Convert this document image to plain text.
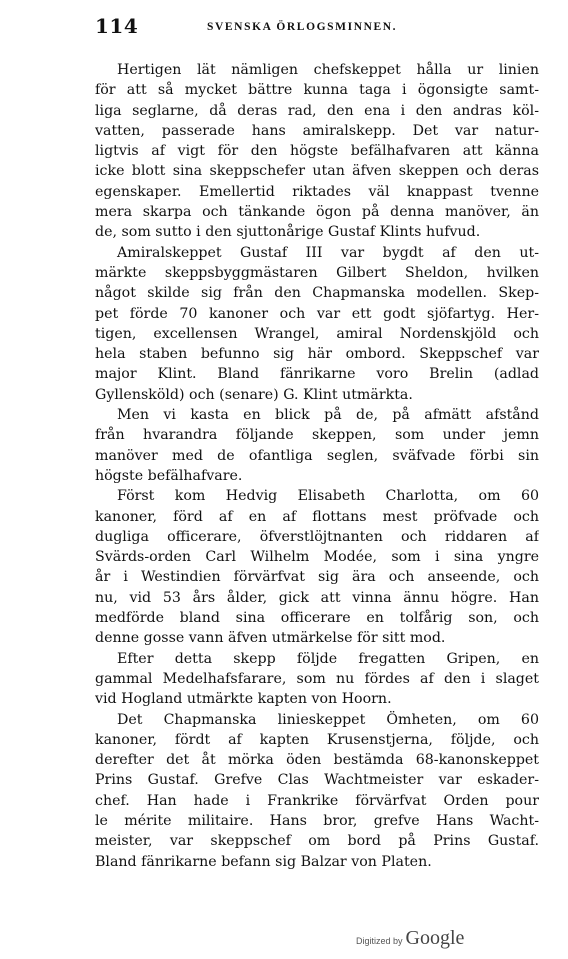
114	SVENSKA ÖRLOGSMINNEN.

Hertigen lät nämligen chefskeppet hålla ur linien
för att så mycket bättre kunna taga i ögonsigte samt-
liga seglarne, då deras rad, den ena i den andras köl-
vatten, passerade hans amiralskepp. Det var natur-
ligtvis af vigt för den högste befälhafvaren att känna
icke blott sina skeppschefer utan äfven skeppen och deras
egenskaper. Emellertid riktades väl knappast tvenne
mera skarpa och tänkande ögon på denna manöver, än
de, som sutto i den sjuttonårige Gustaf Klints hufvud.

Amiralskeppet Gustaf III var bygdt af den ut-
märkte skeppsbyggmästaren Gilbert Sheldon, hvilken
något skilde sig från den Chapmanska modellen. Skep-
pet förde 70 kanoner och var ett godt sjöfartyg. Her-
tigen, excellensen Wrangel, amiral Nordenskjöld och
hela staben befunno sig här ombord. Skeppschef var
major Klint. Bland fänrikarne voro Brelin (adlad
Gyllensköld) och (senare) G. Klint utmärkta.

Men vi kasta en blick på de, på afmätt afstånd
från hvarandra följande skeppen, som under jemn
manöver med de ofantliga seglen, sväfvade förbi sin
högste befälhafvare.

Först kom Hedvig Elisabeth Charlotta, om 60
kanoner, förd af en af flottans mest pröfvade och
dugliga officerare, öfverstlöjtnanten och riddaren af
Svärds-orden Carl Wilhelm Modée, som i sina yngre
år i Westindien förvärfvat sig ära och anseende, och
nu, vid 53 års ålder, gick att vinna ännu högre. Han
medförde bland sina officerare en tolfårig son, och
denne gosse vann äfven utmärkelse för sitt mod.

Efter detta skepp följde fregatten Gripen, en
gammal Medelhafsfarare, som nu fördes af den i slaget
vid Hogland utmärkte kapten von Hoorn.

Det Chapmanska linieskeppet Ömheten, om 60
kanoner, fördt af kapten Krusenstjerna, följde, och
derefter det åt mörka öden bestämda 68-kanonskeppet
Prins Gustaf. Grefve Clas Wachtmeister var eskader-
chef. Han hade i Frankrike förvärfvat Orden pour
le mérite militaire. Hans bror, grefve Hans Wacht-
meister, var skeppschef om bord på Prins Gustaf.
Bland fänrikarne befann sig Balzar von Platen.

Digitized by Google
